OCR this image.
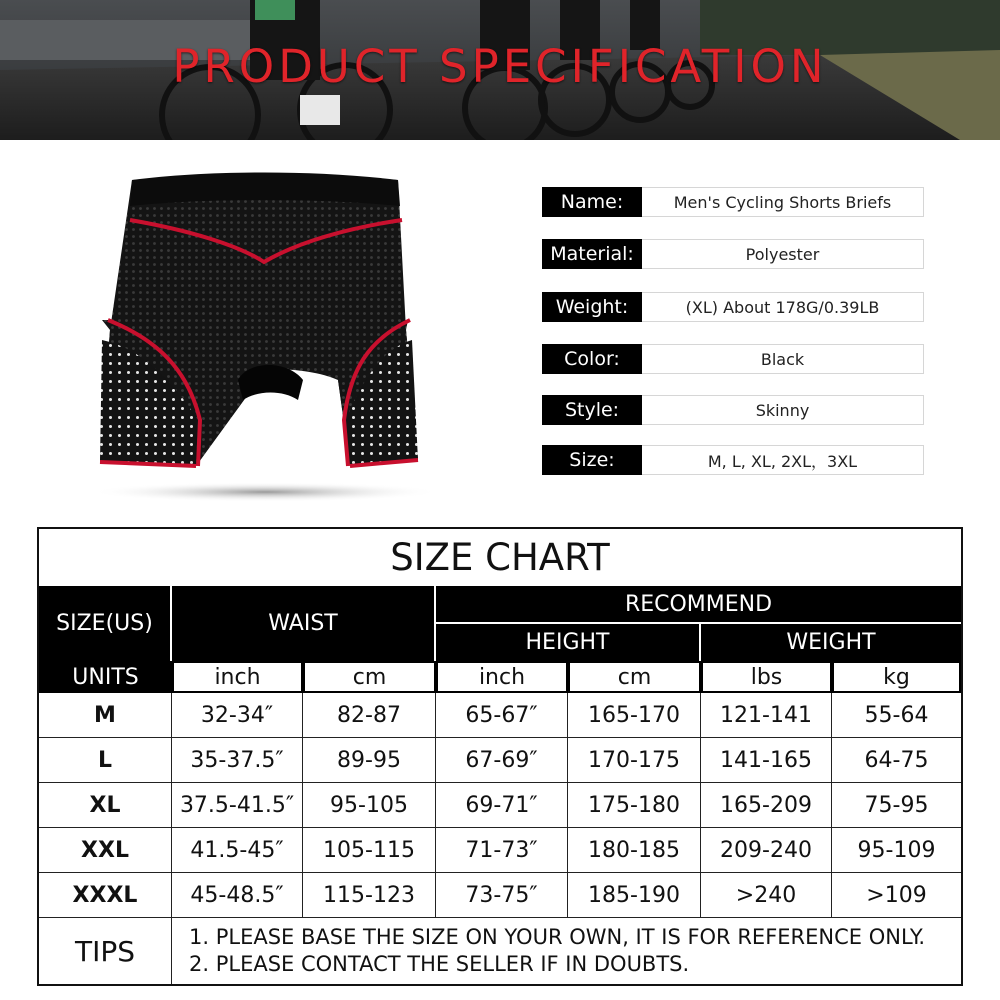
PRODUCT SPECIFICATION
Name:	Men's Cycling Shorts Briefs
Material:	Polyester
Weight:	(XL) About 178G/0.39LB
Color:	Black
Style:	Skinny
Size:	M, L, XL, 2XL，3XL
SIZE CHART
SIZE(US)	WAIST
RECOMMEND
HEIGHT	WEIGHT
UNITS	inch	cm	inch	cm	lbs	kg
M	32-34″	82-87	65-67″	165-170	121-141	55-64
L	35-37.5″	89-95	67-69″	170-175	141-165	64-75
XL	37.5-41.5″	95-105	69-71″	175-180	165-209	75-95
XXL	41.5-45″	105-115	71-73″	180-185	209-240	95-109
XXXL	45-48.5″	115-123	73-75″	185-190	>240	>109
TIPS	1. PLEASE BASE THE SIZE ON YOUR OWN, IT IS FOR REFERENCE ONLY.
2. PLEASE CONTACT THE SELLER IF IN DOUBTS.
